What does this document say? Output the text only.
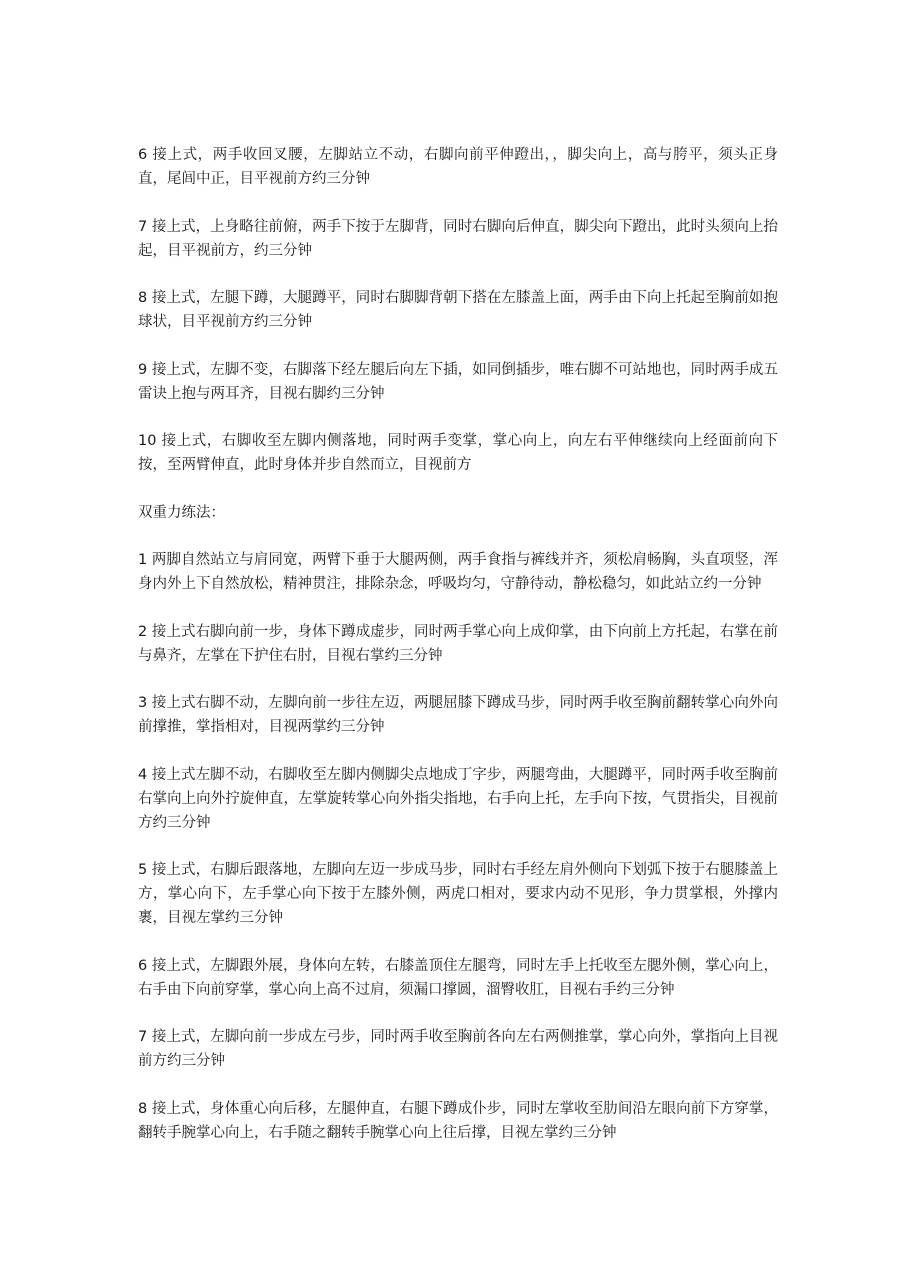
6 接上式，两手收回叉腰，左脚站立不动，右脚向前平伸蹬出，，脚尖向上，高与胯平，须头正身直，尾闾中正，目平视前方约三分钟

7 接上式，上身略往前俯，两手下按于左脚背，同时右脚向后伸直，脚尖向下蹬出，此时头须向上抬起，目平视前方，约三分钟

8 接上式，左腿下蹲，大腿蹲平，同时右脚脚背朝下搭在左膝盖上面，两手由下向上托起至胸前如抱球状，目平视前方约三分钟

9 接上式，左脚不变，右脚落下经左腿后向左下插，如同倒插步，唯右脚不可站地也，同时两手成五雷诀上抱与两耳齐，目视右脚约三分钟

10 接上式，右脚收至左脚内侧落地，同时两手变掌，掌心向上，向左右平伸继续向上经面前向下按，至两臂伸直，此时身体并步自然而立，目视前方

双重力练法：

1 两脚自然站立与肩同宽，两臂下垂于大腿两侧，两手食指与裤线并齐，须松肩畅胸，头直项竖，浑身内外上下自然放松，精神贯注，排除杂念，呼吸均匀，守静待动，静松稳匀，如此站立约一分钟

2 接上式右脚向前一步，身体下蹲成虚步，同时两手掌心向上成仰掌，由下向前上方托起，右掌在前与鼻齐，左掌在下护住右肘，目视右掌约三分钟

3 接上式右脚不动，左脚向前一步往左迈，两腿屈膝下蹲成马步，同时两手收至胸前翻转掌心向外向前撑推，掌指相对，目视两掌约三分钟

4 接上式左脚不动，右脚收至左脚内侧脚尖点地成丁字步，两腿弯曲，大腿蹲平，同时两手收至胸前右掌向上向外拧旋伸直，左掌旋转掌心向外指尖指地，右手向上托，左手向下按，气贯指尖，目视前方约三分钟

5 接上式，右脚后跟落地，左脚向左迈一步成马步，同时右手经左肩外侧向下划弧下按于右腿膝盖上方，掌心向下，左手掌心向下按于左膝外侧，两虎口相对，要求内动不见形，争力贯掌根，外撑内裹，目视左掌约三分钟

6 接上式，左脚跟外展，身体向左转，右膝盖顶住左腿弯，同时左手上托收至左腮外侧，掌心向上，右手由下向前穿掌，掌心向上高不过肩，须漏口撑圆，溜臀收肛，目视右手约三分钟

7 接上式，左脚向前一步成左弓步，同时两手收至胸前各向左右两侧推掌，掌心向外，掌指向上目视前方约三分钟

8 接上式，身体重心向后移，左腿伸直，右腿下蹲成仆步，同时左掌收至肋间沿左眼向前下方穿掌，翻转手腕掌心向上，右手随之翻转手腕掌心向上往后撑，目视左掌约三分钟
